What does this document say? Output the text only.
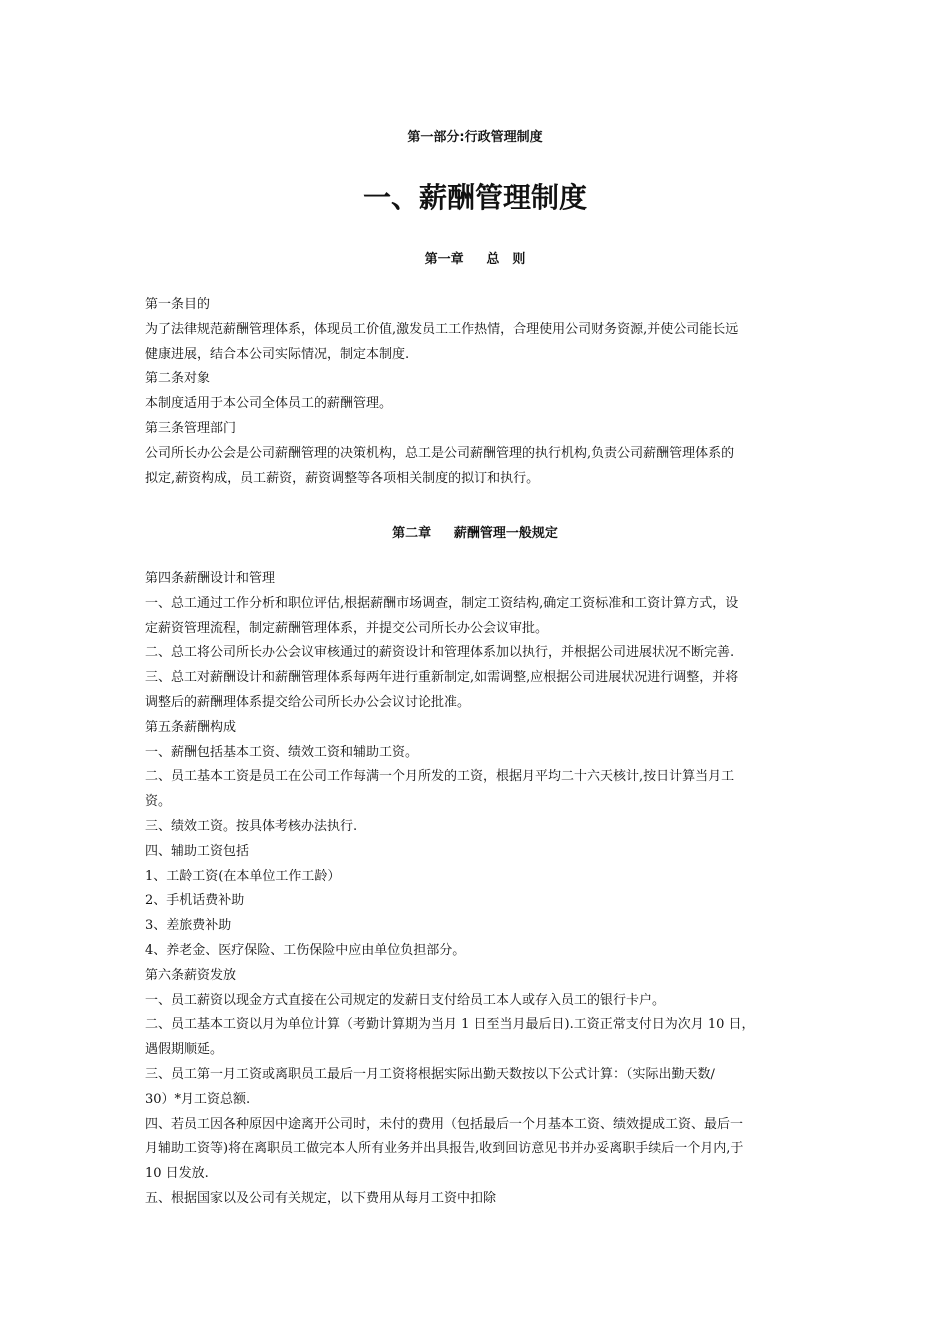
第一部分:行政管理制度
一、薪酬管理制度
第一章 总　则
第一条目的
为了法律规范薪酬管理体系，体现员工价值,激发员工工作热情，合理使用公司财务资源,并使公司能长远
健康进展，结合本公司实际情况，制定本制度.
第二条对象
本制度适用于本公司全体员工的薪酬管理。
第三条管理部门
公司所长办公会是公司薪酬管理的决策机构，总工是公司薪酬管理的执行机构,负责公司薪酬管理体系的
拟定,薪资构成，员工薪资，薪资调整等各项相关制度的拟订和执行。
第二章 薪酬管理一般规定
第四条薪酬设计和管理
一、总工通过工作分析和职位评估,根据薪酬市场调查，制定工资结构,确定工资标准和工资计算方式，设
定薪资管理流程，制定薪酬管理体系，并提交公司所长办公会议审批。
二、总工将公司所长办公会议审核通过的薪资设计和管理体系加以执行，并根据公司进展状况不断完善.
三、总工对薪酬设计和薪酬管理体系每两年进行重新制定,如需调整,应根据公司进展状况进行调整，并将
调整后的薪酬理体系提交给公司所长办公会议讨论批准。
第五条薪酬构成
一、薪酬包括基本工资、绩效工资和辅助工资。
二、员工基本工资是员工在公司工作每满一个月所发的工资，根据月平均二十六天核计,按日计算当月工
资。
三、绩效工资。按具体考核办法执行.
四、辅助工资包括
1、工龄工资(在本单位工作工龄）
2、手机话费补助
3、差旅费补助
4、养老金、医疗保险、工伤保险中应由单位负担部分。
第六条薪资发放
一、员工薪资以现金方式直接在公司规定的发薪日支付给员工本人或存入员工的银行卡户。
二、员工基本工资以月为单位计算（考勤计算期为当月 1 日至当月最后日).工资正常支付日为次月 10 日，
遇假期顺延。
三、员工第一月工资或离职员工最后一月工资将根据实际出勤天数按以下公式计算：（实际出勤天数/
30）*月工资总额.
四、若员工因各种原因中途离开公司时，未付的费用（包括最后一个月基本工资、绩效提成工资、最后一
月辅助工资等)将在离职员工做完本人所有业务并出具报告,收到回访意见书并办妥离职手续后一个月内,于
10 日发放.
五、根据国家以及公司有关规定，以下费用从每月工资中扣除
